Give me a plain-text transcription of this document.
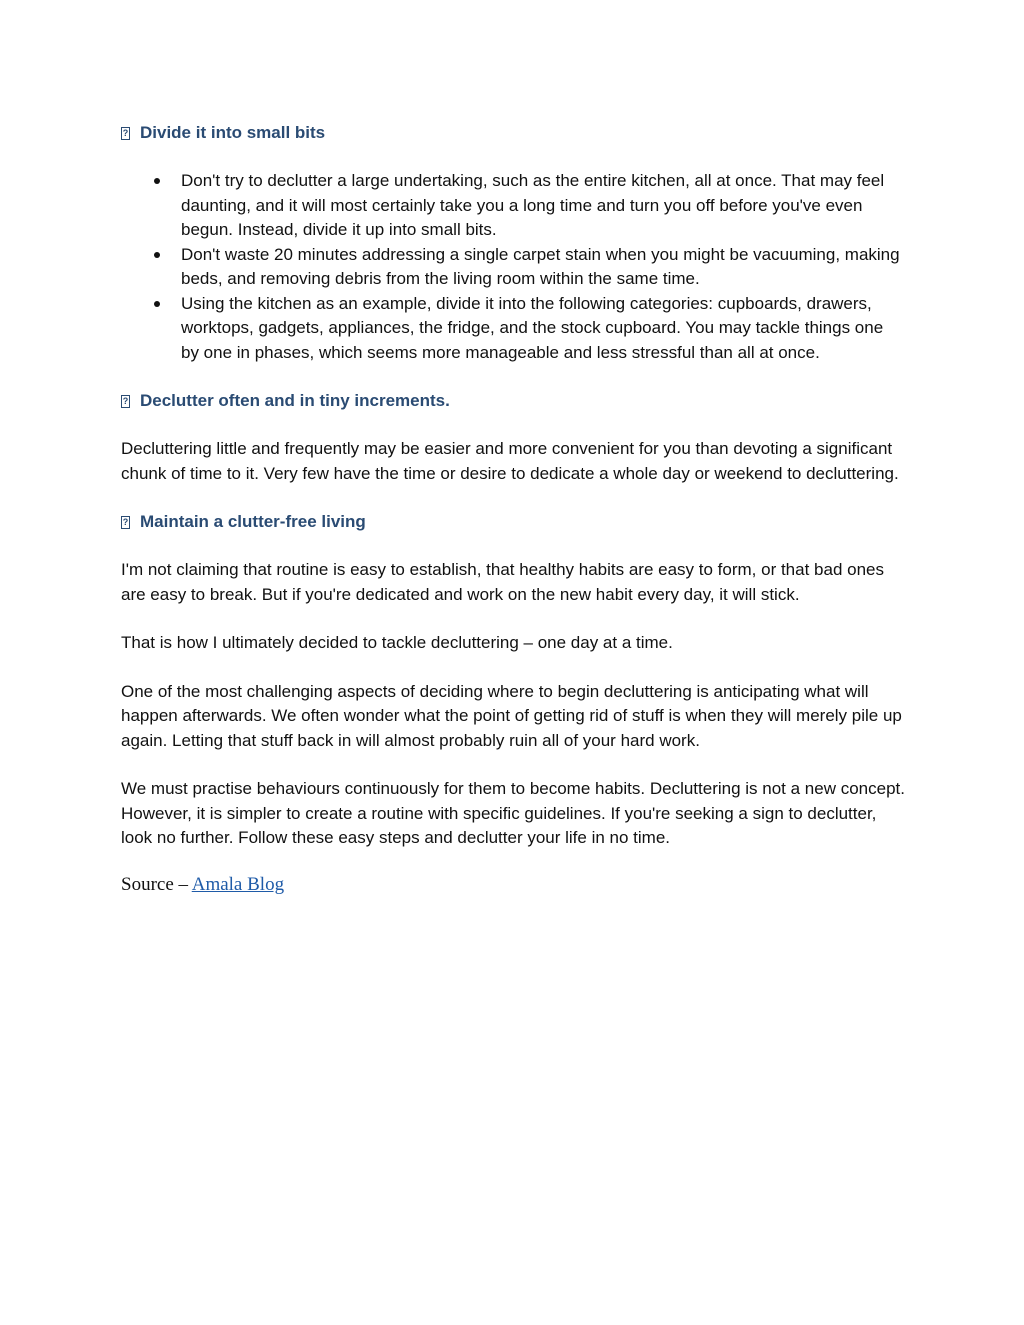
?
Divide it into small bits
Don't try to declutter a large undertaking, such as the entire kitchen, all at once. That may feel daunting, and it will most certainly take you a long time and turn you off before you've even begun. Instead, divide it up into small bits.
Don't waste 20 minutes addressing a single carpet stain when you might be vacuuming, making beds, and removing debris from the living room within the same time.
Using the kitchen as an example, divide it into the following categories: cupboards, drawers, worktops, gadgets, appliances, the fridge, and the stock cupboard. You may tackle things one by one in phases, which seems more manageable and less stressful than all at once.
?
Declutter often and in tiny increments.

Decluttering little and frequently may be easier and more convenient for you than devoting a significant chunk of time to it. Very few have the time or desire to dedicate a whole day or weekend to decluttering.

?
Maintain a clutter-free living

I'm not claiming that routine is easy to establish, that healthy habits are easy to form, or that bad ones are easy to break. But if you're dedicated and work on the new habit every day, it will stick.

That is how I ultimately decided to tackle decluttering – one day at a time.

One of the most challenging aspects of deciding where to begin decluttering is anticipating what will happen afterwards. We often wonder what the point of getting rid of stuff is when they will merely pile up again. Letting that stuff back in will almost probably ruin all of your hard work.

We must practise behaviours continuously for them to become habits. Decluttering is not a new concept. However, it is simpler to create a routine with specific guidelines. If you're seeking a sign to declutter, look no further. Follow these easy steps and declutter your life in no time.

Source – Amala Blog
